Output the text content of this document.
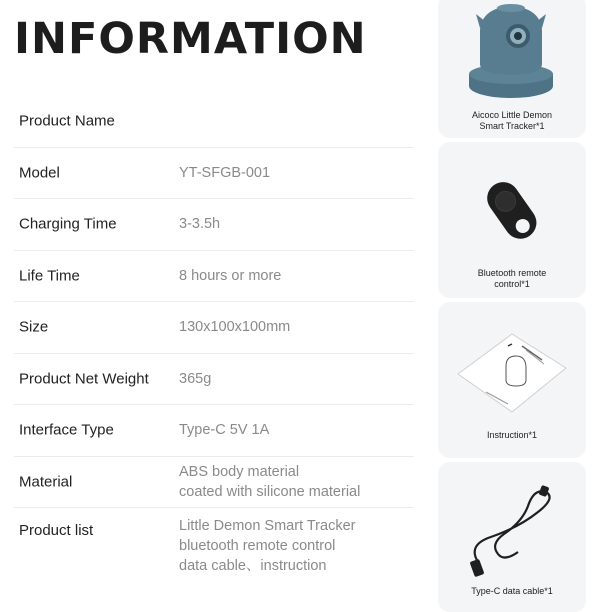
INFORMATION
Product Name
Model	YT-SFGB-001
Charging Time	3-3.5h
Life Time	8 hours or more
Size	130x100x100mm
Product Net Weight 365g
Interface Type	Type-C 5V 1A
Material
ABS body material
coated with silicone material
Product list	Little Demon Smart Tracker
bluetooth remote control
data cable、instruction
Aicoco Little Demon
Smart Tracker*1
Bluetooth remote
control*1
Instruction*1
Type-C data cable*1
